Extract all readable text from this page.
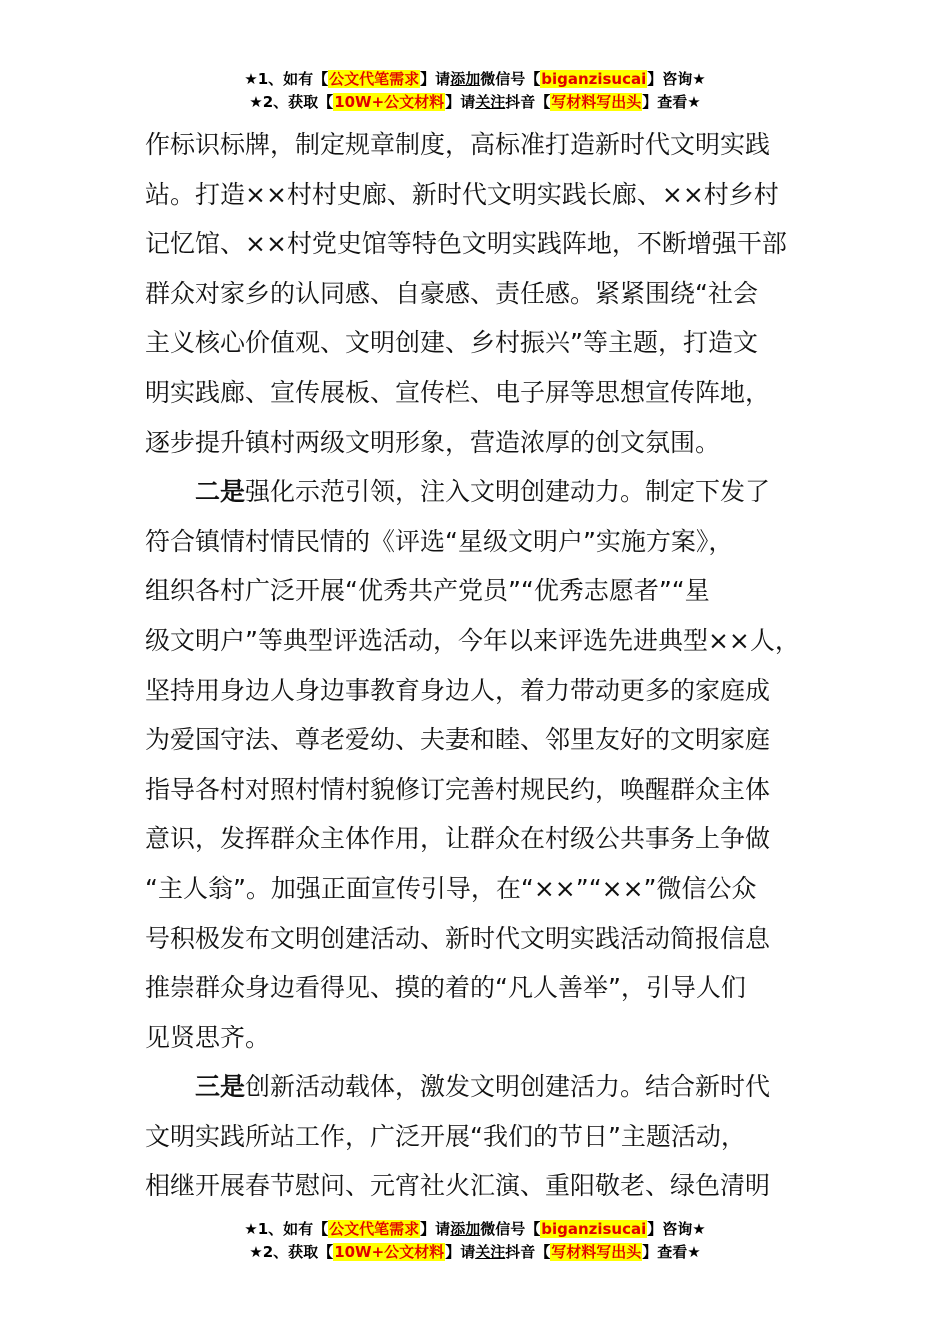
★1、如有【公文代笔需求】请添加微信号【biganzisucai】咨询★
★2、获取【10W+公文材料】请关注抖音【写材料写出头】查看★
作标识标牌，制定规章制度，高标准打造新时代文明实践
站。打造××村村史廊、新时代文明实践长廊、××村乡村
记忆馆、××村党史馆等特色文明实践阵地，不断增强干部
群众对家乡的认同感、自豪感、责任感。紧紧围绕“社会
主义核心价值观、文明创建、乡村振兴”等主题，打造文
明实践廊、宣传展板、宣传栏、电子屏等思想宣传阵地，
逐步提升镇村两级文明形象，营造浓厚的创文氛围。
二是强化示范引领，注入文明创建动力。制定下发了
符合镇情村情民情的《评选“星级文明户”实施方案》，
组织各村广泛开展“优秀共产党员”“优秀志愿者”“星
级文明户”等典型评选活动，今年以来评选先进典型××人，
坚持用身边人身边事教育身边人，着力带动更多的家庭成
为爱国守法、尊老爱幼、夫妻和睦、邻里友好的文明家庭
指导各村对照村情村貌修订完善村规民约，唤醒群众主体
意识，发挥群众主体作用，让群众在村级公共事务上争做
“主人翁”。加强正面宣传引导，在“××”“××”微信公众
号积极发布文明创建活动、新时代文明实践活动简报信息
推崇群众身边看得见、摸的着的“凡人善举”，引导人们
见贤思齐。
三是创新活动载体，激发文明创建活力。结合新时代
文明实践所站工作，广泛开展“我们的节日”主题活动，
相继开展春节慰问、元宵社火汇演、重阳敬老、绿色清明
★1、如有【公文代笔需求】请添加微信号【biganzisucai】咨询★
★2、获取【10W+公文材料】请关注抖音【写材料写出头】查看★
